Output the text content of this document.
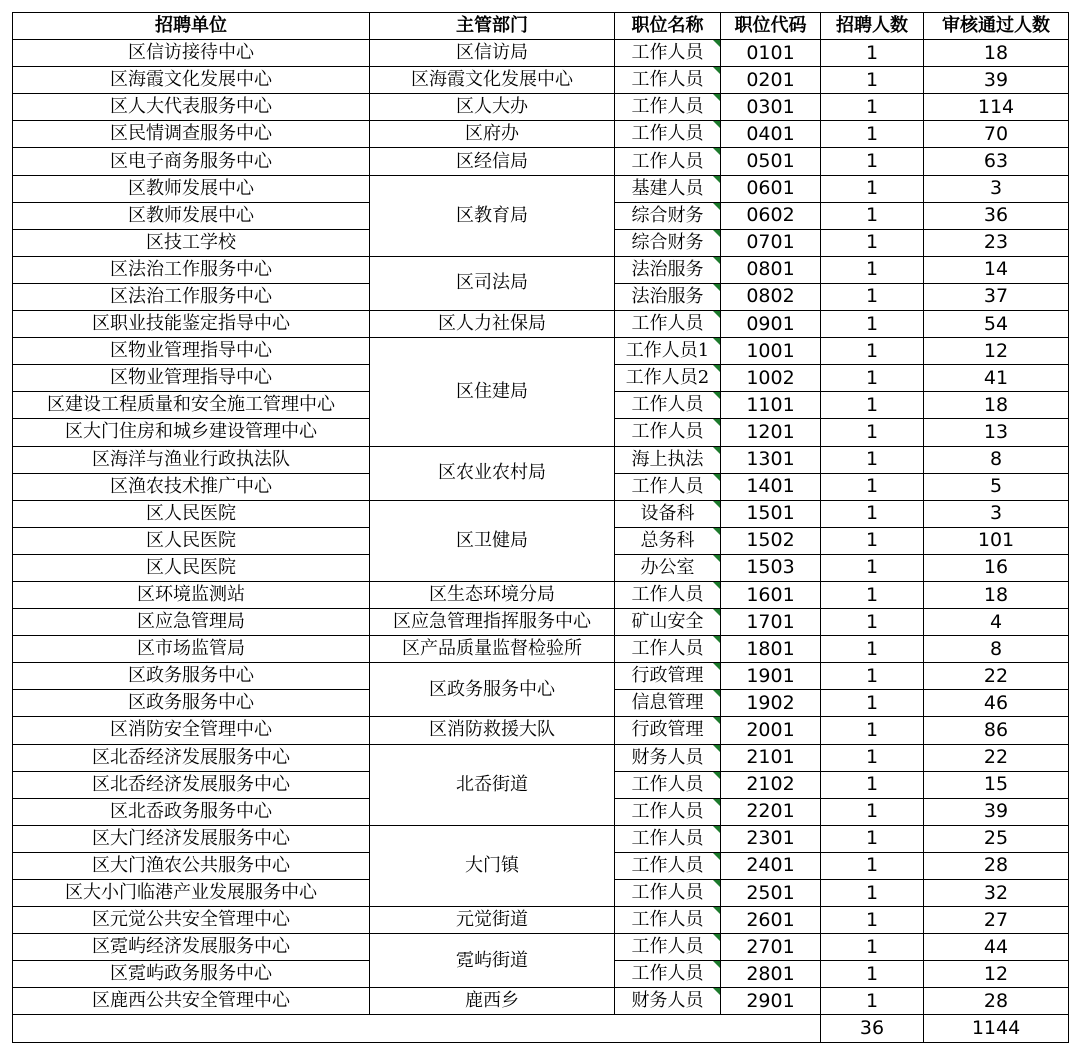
招聘单位	主管部门	职位名称	职位代码	招聘人数	审核通过人数
区信访接待中心	区信访局	工作人员	0101	1	18
区海霞文化发展中心	区海霞文化发展中心	工作人员	0201	1	39
区人大代表服务中心	区人大办	工作人员	0301	1	114
区民情调查服务中心	区府办	工作人员	0401	1	70
区电子商务服务中心	区经信局	工作人员	0501	1	63
区教师发展中心	区教育局	基建人员	0601	1	3
区教师发展中心		综合财务	0602	1	36
区技工学校		综合财务	0701	1	23
区法治工作服务中心	区司法局	法治服务	0801	1	14
区法治工作服务中心		法治服务	0802	1	37
区职业技能鉴定指导中心	区人力社保局	工作人员	0901	1	54
区物业管理指导中心	区住建局	工作人员1	1001	1	12
区物业管理指导中心		工作人员2	1002	1	41
区建设工程质量和安全施工管理中心		工作人员	1101	1	18
区大门住房和城乡建设管理中心		工作人员	1201	1	13
区海洋与渔业行政执法队	区农业农村局	海上执法	1301	1	8
区渔农技术推广中心		工作人员	1401	1	5
区人民医院	区卫健局	设备科	1501	1	3
区人民医院		总务科	1502	1	101
区人民医院		办公室	1503	1	16
区环境监测站	区生态环境分局	工作人员	1601	1	18
区应急管理局	区应急管理指挥服务中心	矿山安全	1701	1	4
区市场监管局	区产品质量监督检验所	工作人员	1801	1	8
区政务服务中心	区政务服务中心	行政管理	1901	1	22
区政务服务中心		信息管理	1902	1	46
区消防安全管理中心	区消防救援大队	行政管理	2001	1	86
区北岙经济发展服务中心	北岙街道	财务人员	2101	1	22
区北岙经济发展服务中心		工作人员	2102	1	15
区北岙政务服务中心		工作人员	2201	1	39
区大门经济发展服务中心	大门镇	工作人员	2301	1	25
区大门渔农公共服务中心		工作人员	2401	1	28
区大小门临港产业发展服务中心		工作人员	2501	1	32
区元觉公共安全管理中心	元觉街道	工作人员	2601	1	27
区霓屿经济发展服务中心	霓屿街道	工作人员	2701	1	44
区霓屿政务服务中心		工作人员	2801	1	12
区鹿西公共安全管理中心	鹿西乡	财务人员	2901	1	28
				36	1144
